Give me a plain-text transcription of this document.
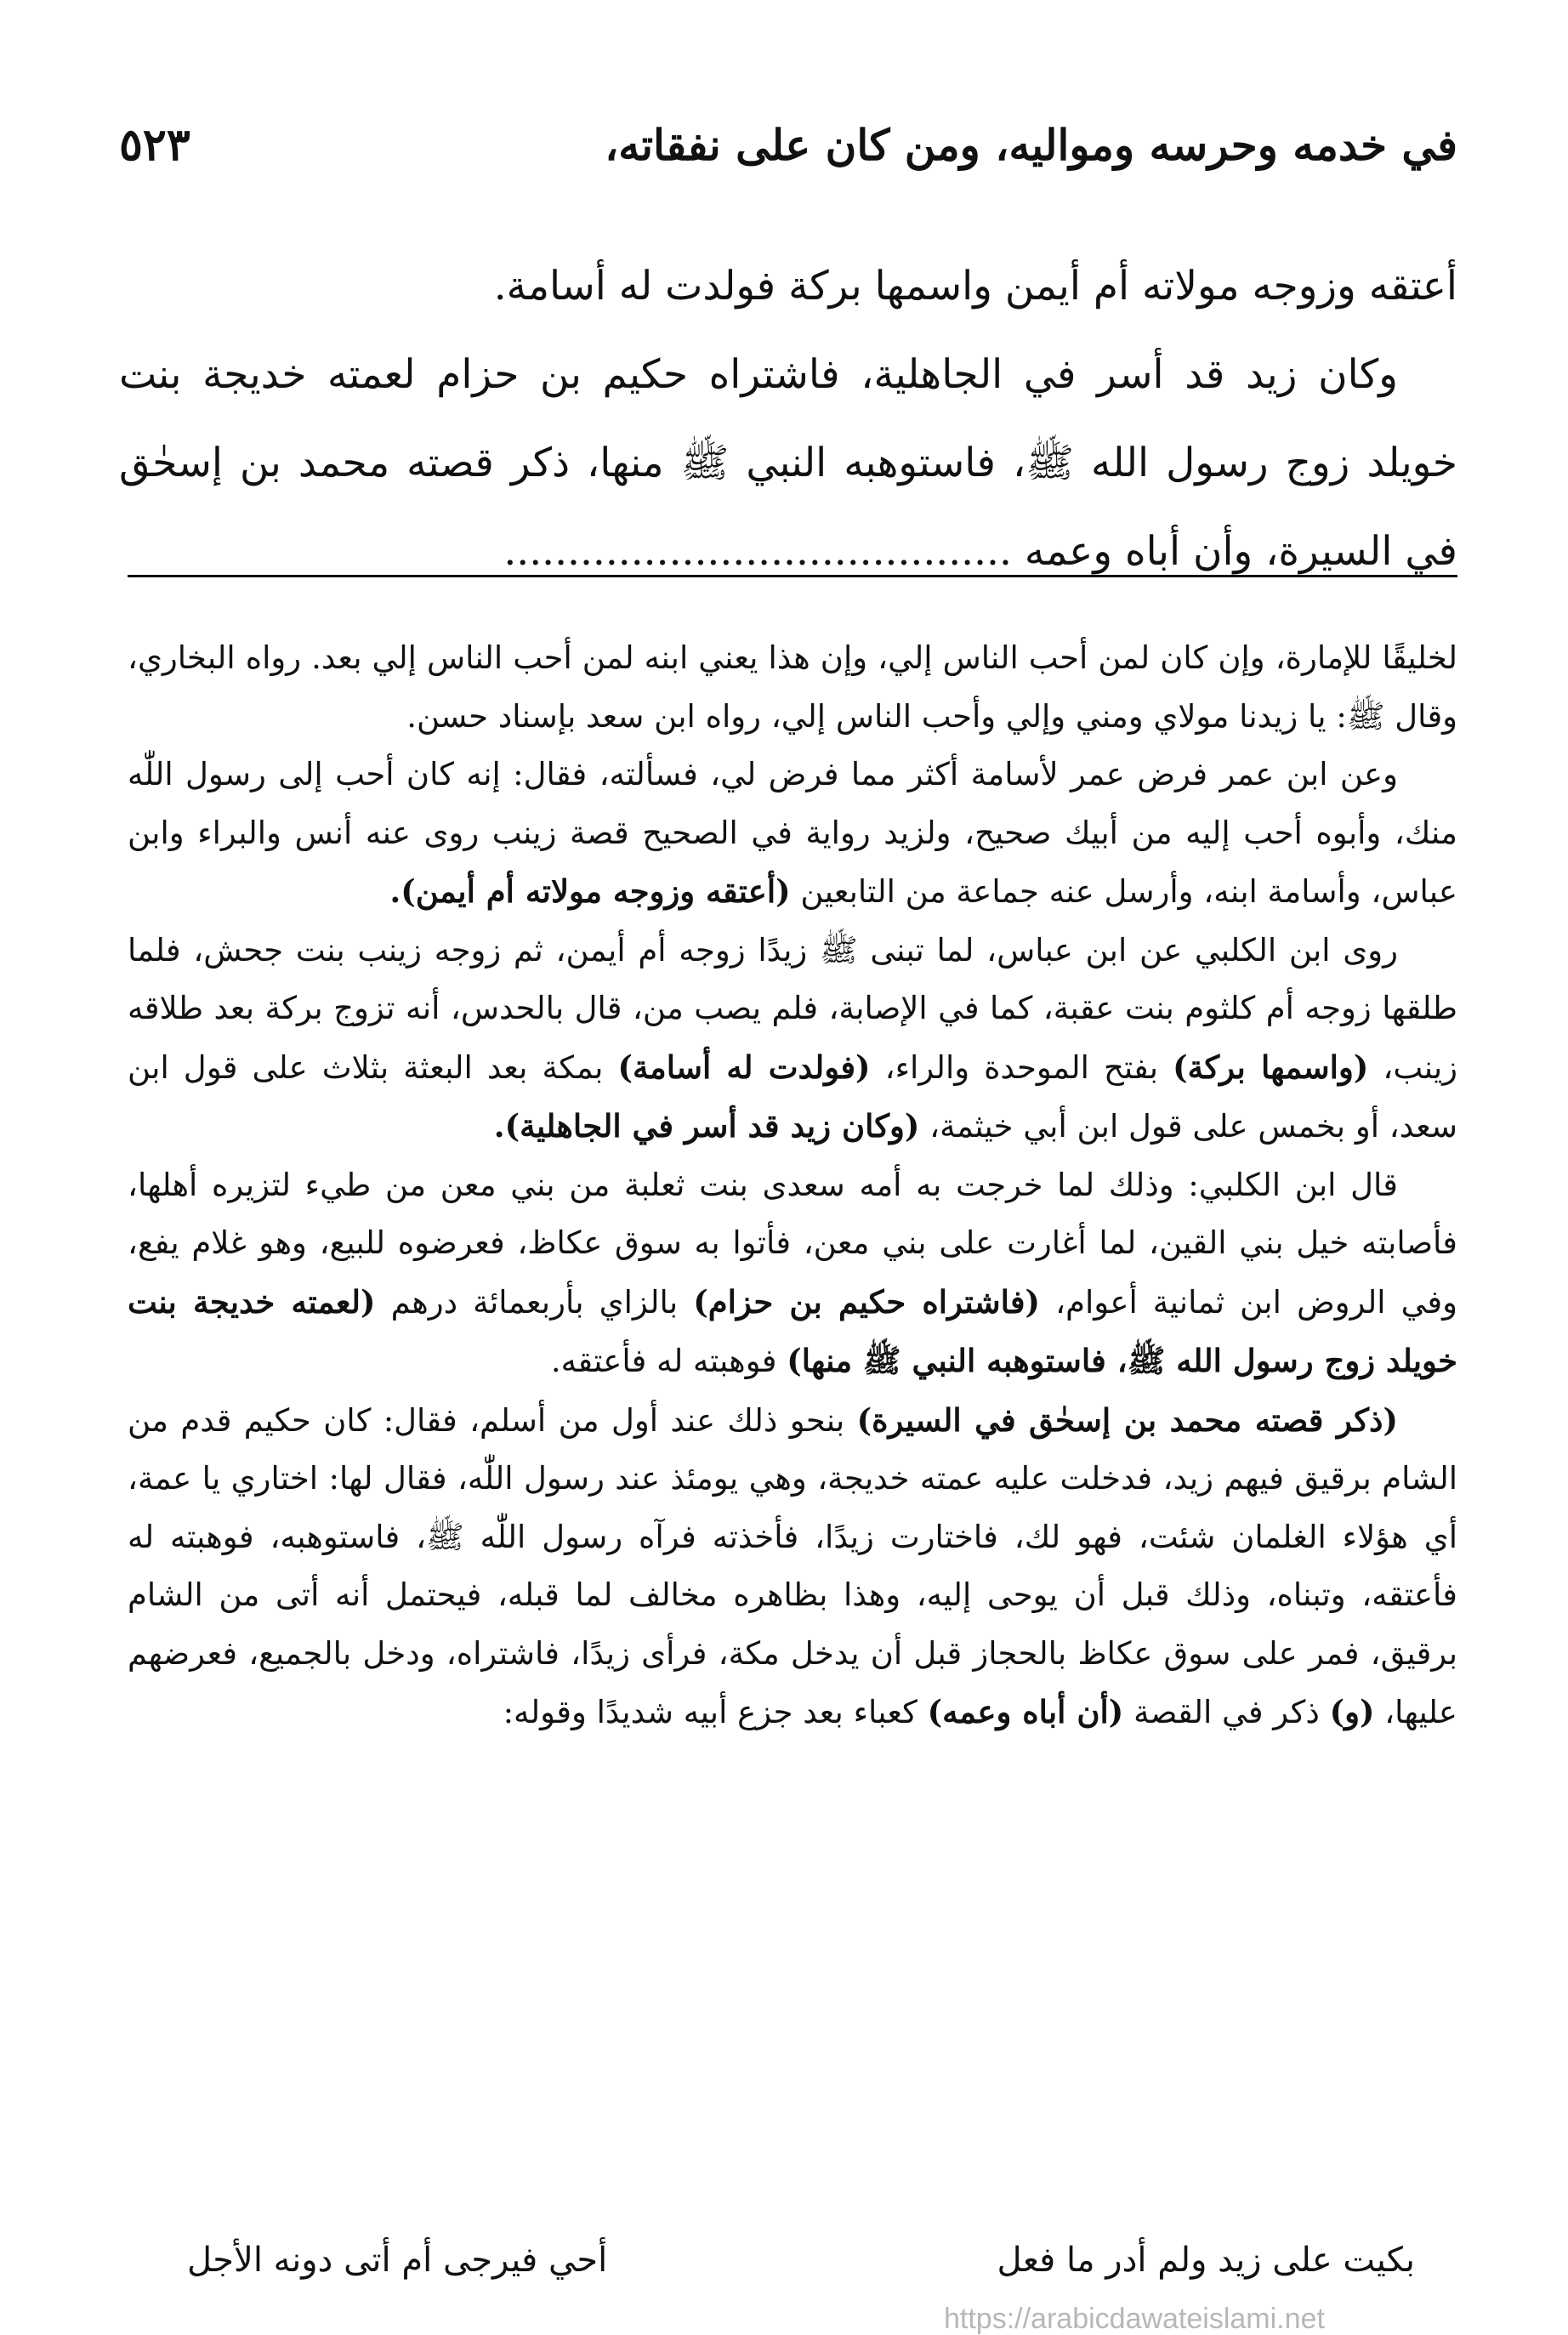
٥٢٣	في خدمه وحرسه ومواليه، ومن كان على نفقاته،

أعتقه وزوجه مولاته أم أيمن واسمها بركة فولدت له أسامة.

وكان زيد قد أسر في الجاهلية، فاشتراه حكيم بن حزام لعمته خديجة بنت خويلد زوج رسول الله ﷺ، فاستوهبه النبي ﷺ منها، ذكر قصته محمد بن إسحٰق في السيرة، وأن أباه وعمه ........................................

لخليقًا للإمارة، وإن كان لمن أحب الناس إلي، وإن هذا يعني ابنه لمن أحب الناس إلي بعد. رواه البخاري، وقال ﷺ: يا زيدنا مولاي ومني وإلي وأحب الناس إلي، رواه ابن سعد بإسناد حسن.

وعن ابن عمر فرض عمر لأسامة أكثر مما فرض لي، فسألته، فقال: إنه كان أحب إلى رسول اللّٰه منك، وأبوه أحب إليه من أبيك صحيح، ولزيد رواية في الصحيح قصة زينب روى عنه أنس والبراء وابن عباس، وأسامة ابنه، وأرسل عنه جماعة من التابعين (أعتقه وزوجه مولاته أم أيمن).

روى ابن الكلبي عن ابن عباس، لما تبنى ﷺ زيدًا زوجه أم أيمن، ثم زوجه زينب بنت جحش، فلما طلقها زوجه أم كلثوم بنت عقبة، كما في الإصابة، فلم يصب من، قال بالحدس، أنه تزوج بركة بعد طلاقه زينب، (واسمها بركة) بفتح الموحدة والراء، (فولدت له أسامة) بمكة بعد البعثة بثلاث على قول ابن سعد، أو بخمس على قول ابن أبي خيثمة، (وكان زيد قد أسر في الجاهلية).

قال ابن الكلبي: وذلك لما خرجت به أمه سعدى بنت ثعلبة من بني معن من طيء لتزيره أهلها، فأصابته خيل بني القين، لما أغارت على بني معن، فأتوا به سوق عكاظ، فعرضوه للبيع، وهو غلام يفع، وفي الروض ابن ثمانية أعوام، (فاشتراه حكيم بن حزام) بالزاي بأربعمائة درهم (لعمته خديجة بنت خويلد زوج رسول الله ﷺ، فاستوهبه النبي ﷺ منها) فوهبته له فأعتقه.

(ذكر قصته محمد بن إسحٰق في السيرة) بنحو ذلك عند أول من أسلم، فقال: كان حكيم قدم من الشام برقيق فيهم زيد، فدخلت عليه عمته خديجة، وهي يومئذ عند رسول اللّٰه، فقال لها: اختاري يا عمة، أي هؤلاء الغلمان شئت، فهو لك، فاختارت زيدًا، فأخذته فرآه رسول اللّٰه ﷺ، فاستوهبه، فوهبته له فأعتقه، وتبناه، وذلك قبل أن يوحى إليه، وهذا بظاهره مخالف لما قبله، فيحتمل أنه أتى من الشام برقيق، فمر على سوق عكاظ بالحجاز قبل أن يدخل مكة، فرأى زيدًا، فاشتراه، ودخل بالجميع، فعرضهم عليها، (و) ذكر في القصة (أن أباه وعمه) كعباء بعد جزع أبيه شديدًا وقوله:

بكيت على زيد ولم أدر ما فعل
أحي فيرجى أم أتى دونه الأجل
https://arabicdawateislami.net
